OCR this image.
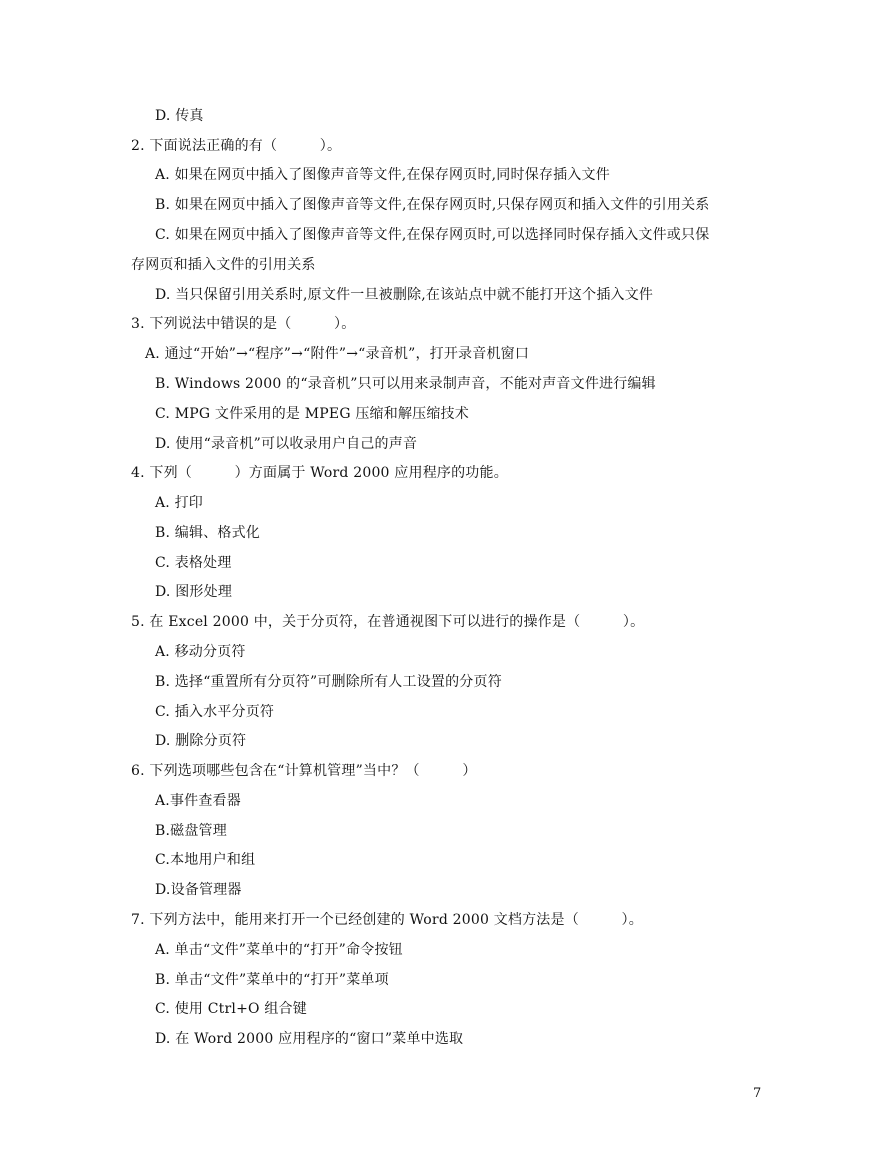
D. 传真
2. 下面说法正确的有（　　　）。
A. 如果在网页中插入了图像声音等文件,在保存网页时,同时保存插入文件
B. 如果在网页中插入了图像声音等文件,在保存网页时,只保存网页和插入文件的引用关系
C. 如果在网页中插入了图像声音等文件,在保存网页时,可以选择同时保存插入文件或只保
存网页和插入文件的引用关系
D. 当只保留引用关系时,原文件一旦被删除,在该站点中就不能打开这个插入文件
3. 下列说法中错误的是（　　　）。
A. 通过“开始”→“程序”→“附件”→“录音机”，打开录音机窗口
B. Windows 2000 的“录音机”只可以用来录制声音，不能对声音文件进行编辑
C. MPG 文件采用的是 MPEG 压缩和解压缩技术
D. 使用“录音机”可以收录用户自己的声音
4. 下列（　　　）方面属于 Word 2000 应用程序的功能。
A. 打印
B. 编辑、格式化
C. 表格处理
D. 图形处理
5. 在 Excel 2000 中，关于分页符，在普通视图下可以进行的操作是（　　　）。
A. 移动分页符
B. 选择“重置所有分页符”可删除所有人工设置的分页符
C. 插入水平分页符
D. 删除分页符
6. 下列选项哪些包含在“计算机管理”当中？（　　　）
A.事件查看器
B.磁盘管理
C.本地用户和组
D.设备管理器
7. 下列方法中，能用来打开一个已经创建的 Word 2000 文档方法是（　　　）。
A. 单击“文件”菜单中的“打开”命令按钮
B. 单击“文件”菜单中的“打开”菜单项
C. 使用 Ctrl+O 组合键
D. 在 Word 2000 应用程序的“窗口”菜单中选取
7
